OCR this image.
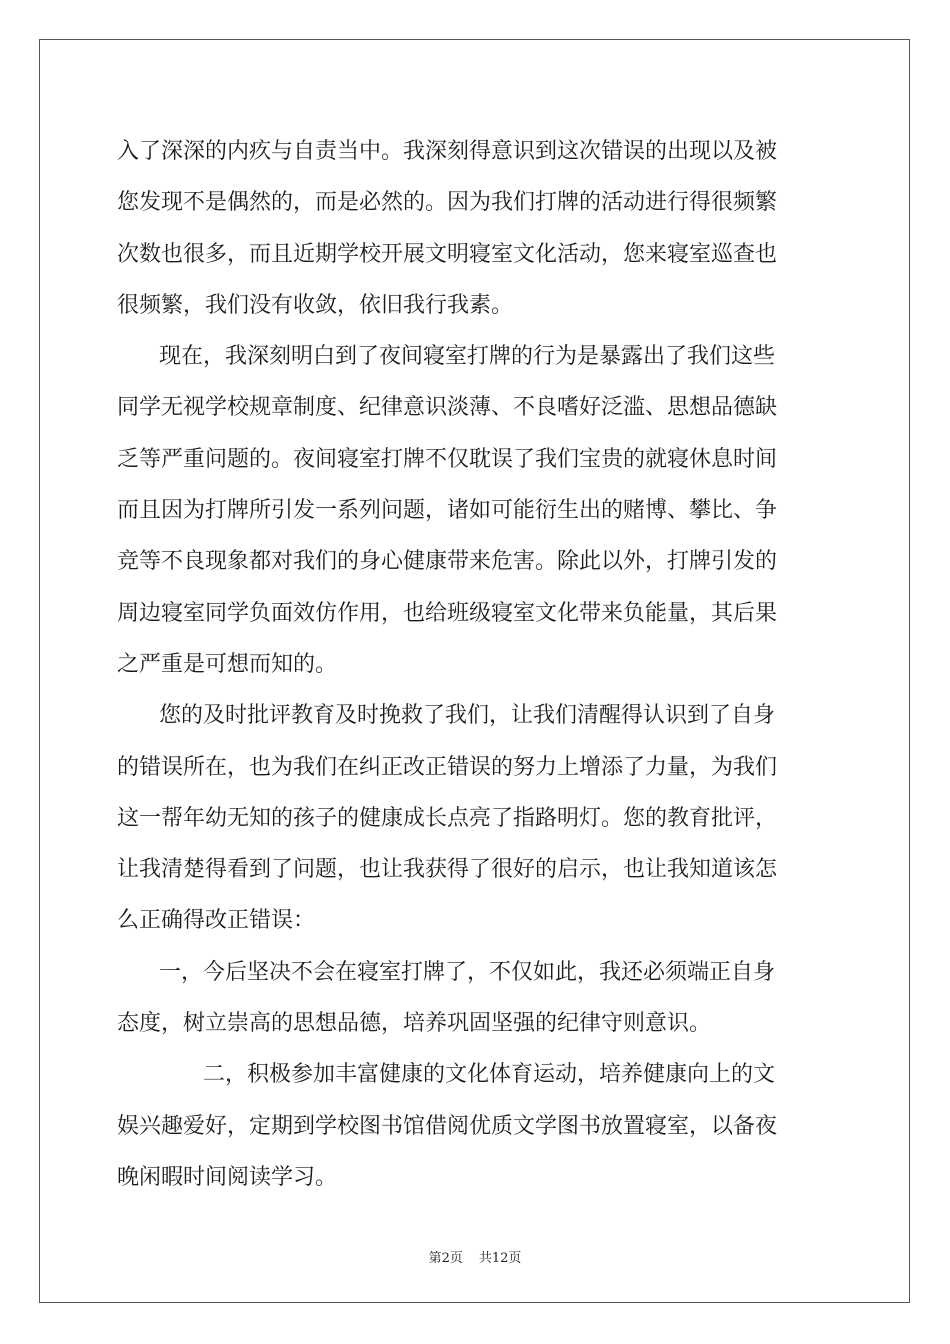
入了深深的内疚与自责当中。我深刻得意识到这次错误的出现以及被
您发现不是偶然的，而是必然的。因为我们打牌的活动进行得很频繁
次数也很多，而且近期学校开展文明寝室文化活动，您来寝室巡查也
很频繁，我们没有收敛，依旧我行我素。
现在，我深刻明白到了夜间寝室打牌的行为是暴露出了我们这些
同学无视学校规章制度、纪律意识淡薄、不良嗜好泛滥、思想品德缺
乏等严重问题的。夜间寝室打牌不仅耽误了我们宝贵的就寝休息时间
而且因为打牌所引发一系列问题，诸如可能衍生出的赌博、攀比、争
竞等不良现象都对我们的身心健康带来危害。除此以外，打牌引发的
周边寝室同学负面效仿作用，也给班级寝室文化带来负能量，其后果
之严重是可想而知的。
您的及时批评教育及时挽救了我们，让我们清醒得认识到了自身
的错误所在，也为我们在纠正改正错误的努力上增添了力量，为我们
这一帮年幼无知的孩子的健康成长点亮了指路明灯。您的教育批评，
让我清楚得看到了问题，也让我获得了很好的启示，也让我知道该怎
么正确得改正错误：
一，今后坚决不会在寝室打牌了，不仅如此，我还必须端正自身
态度，树立崇高的思想品德，培养巩固坚强的纪律守则意识。
二，积极参加丰富健康的文化体育运动，培养健康向上的文
娱兴趣爱好，定期到学校图书馆借阅优质文学图书放置寝室，以备夜
晚闲暇时间阅读学习。
第2页 共12页
